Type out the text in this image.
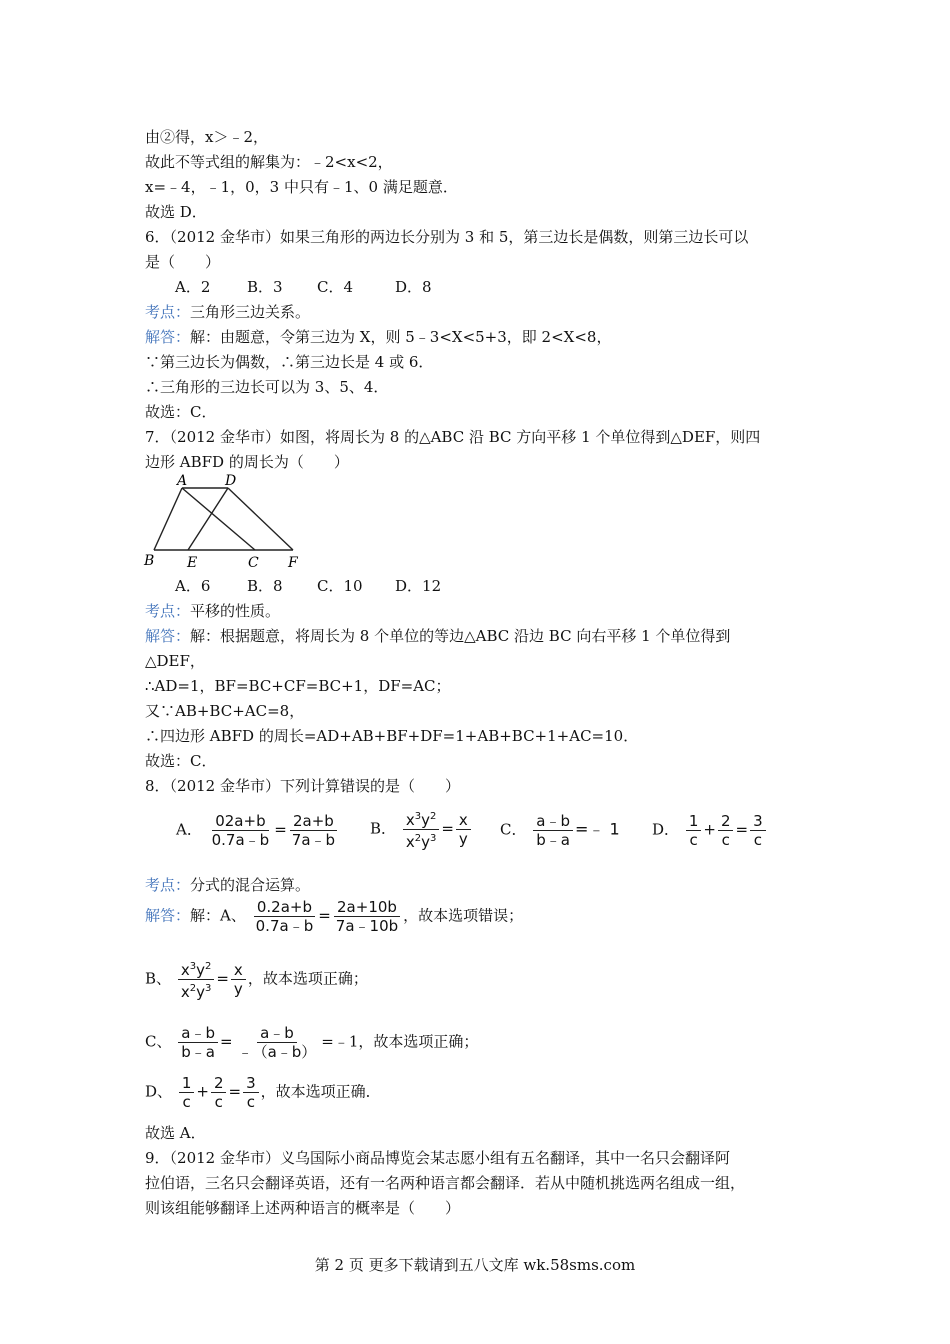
由②得，x＞﹣2，
故此不等式组的解集为：﹣2<x<2，
x=﹣4，﹣1，0，3 中只有﹣1、0 满足题意．
故选 D．
6．（2012 金华市）如果三角形的两边长分别为 3 和 5，第三边长是偶数，则第三边长可以
是（　　）
A．2 B．3 C．4	D．8
考点：三角形三边关系。
解答：解：由题意，令第三边为 X，则 5﹣3<X<5+3，即 2<X<8，
∵第三边长为偶数，∴第三边长是 4 或 6．
∴三角形的三边长可以为 3、5、4．
故选：C．
7．（2012 金华市）如图，将周长为 8 的△ABC 沿 BC 方向平移 1 个单位得到△DEF，则四
边形 ABFD 的周长为（　　）
A	D
B E	C F
A．6 B．8 C．10 D．12
考点：平移的性质。
解答：解：根据题意，将周长为 8 个单位的等边△ABC 沿边 BC 向右平移 1 个单位得到
△DEF，
∴AD=1，BF=BC+CF=BC+1，DF=AC；
又∵AB+BC+AC=8，
∴四边形 ABFD 的周长=AD+AB+BF+DF=1+AB+BC+1+AC=10．
故选：C．
8．（2012 金华市）下列计算错误的是（　　）
A． $\frac{02a+b}{0.7a﹣b} = \frac{2a+b}{7a﹣b}$ B． $\frac{x^3y^2}{x^2y^3} = \frac{x}{y}$ C． $\frac{a﹣b}{b﹣a}$ =﹣ 1 D． $\frac{1}{c} + \frac{2}{c} = \frac{3}{c}$
考点：分式的混合运算。
解答：解：A、 $\frac{0.2a+b}{0.7a﹣b} = \frac{2a+10b}{7a﹣10b}$ ，故本选项错误；
B、 $\frac{x^3y^2}{x^2y^3} = \frac{x}{y}$ ，故本选项正确；
C、 $\frac{a﹣b}{b﹣a} = \frac{a﹣b}{﹣(a﹣b)}$ =﹣1，故本选项正确；
D、 $\frac{1}{c} + \frac{2}{c} = \frac{3}{c}$ ，故本选项正确．
故选 A．
9．（2012 金华市）义乌国际小商品博览会某志愿小组有五名翻译，其中一名只会翻译阿
拉伯语，三名只会翻译英语，还有一名两种语言都会翻译．若从中随机挑选两名组成一组，
则该组能够翻译上述两种语言的概率是（　　）
第 2 页 更多下载请到五八文库 wk.58sms.com
